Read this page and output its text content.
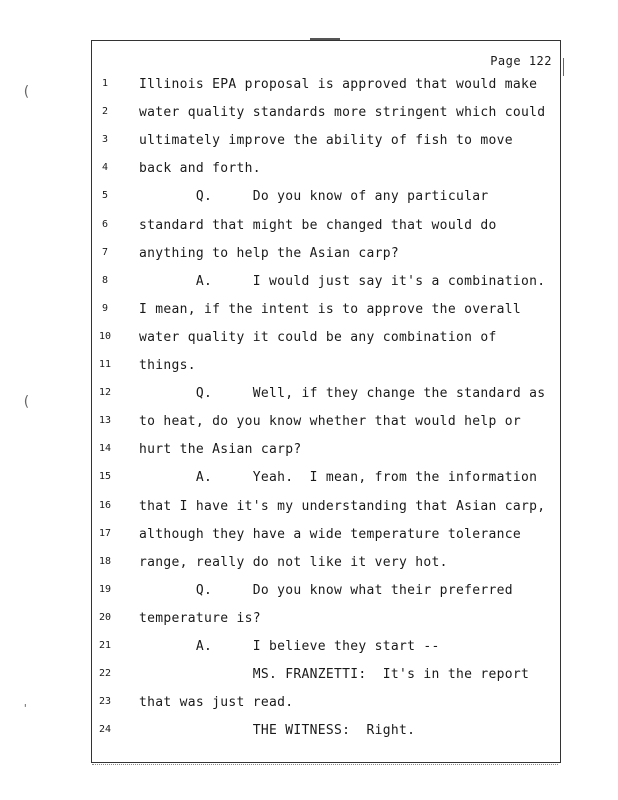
Page 122
(
(
'
1	Illinois EPA proposal is approved that would make
2	water quality standards more stringent which could
3	ultimately improve the ability of fish to move
4	back and forth.
5	Q.     Do you know of any particular
6	standard that might be changed that would do
7	anything to help the Asian carp?
8	A.     I would just say it's a combination.
9	I mean, if the intent is to approve the overall
10 water quality it could be any combination of
11 things.
12 Q.     Well, if they change the standard as
13 to heat, do you know whether that would help or
14 hurt the Asian carp?
15 A.     Yeah.  I mean, from the information
16 that I have it's my understanding that Asian carp,
17 although they have a wide temperature tolerance
18 range, really do not like it very hot.
19 Q.     Do you know what their preferred
20 temperature is?
21 A.     I believe they start --
22 MS. FRANZETTI:  It's in the report
23 that was just read.
24 THE WITNESS:  Right.
